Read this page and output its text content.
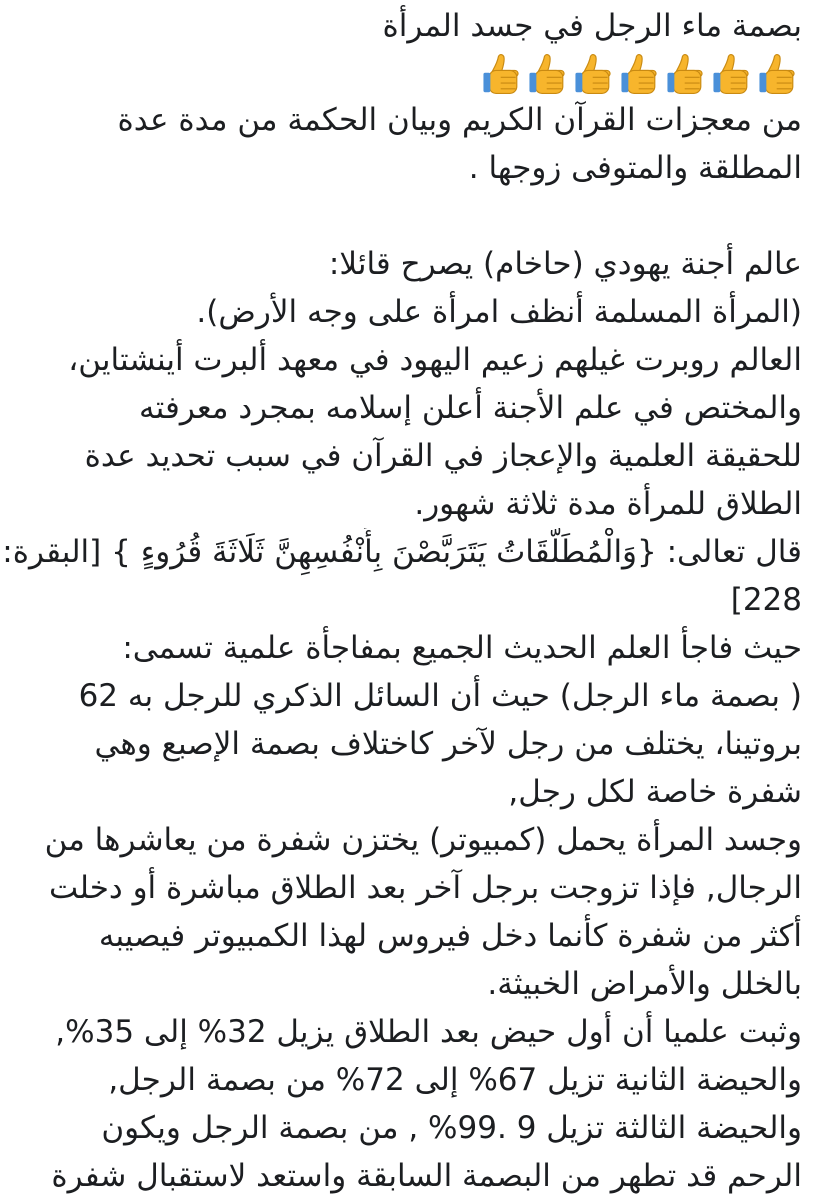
بصمة ماء الرجل في جسد المرأة

من معجزات القرآن الكريم وبيان الحكمة من مدة عدة

المطلقة والمتوفى زوجها .

عالم أجنة يهودي (حاخام) يصرح قائلا:

(المرأة المسلمة أنظف امرأة على وجه الأرض).

العالم روبرت غيلهم زعيم اليهود في معهد ألبرت أينشتاين،

والمختص في علم الأجنة أعلن إسلامه بمجرد معرفته

للحقيقة العلمية والإعجاز في القرآن في سبب تحديد عدة

الطلاق للمرأة مدة ثلاثة شهور.

قال تعالى: {وَالْمُطَلَّقَاتُ يَتَرَبَّصْنَ بِأَنْفُسِهِنَّ ثَلَاثَةَ قُرُوءٍ } [البقرة:

228]

حيث فاجأ العلم الحديث الجميع بمفاجأة علمية تسمى:

( بصمة ماء الرجل) حيث أن السائل الذكري للرجل به 62

بروتينا، يختلف من رجل لآخر كاختلاف بصمة الإصبع وهي

شفرة خاصة لكل رجل,

وجسد المرأة يحمل (كمبيوتر) يختزن شفرة من يعاشرها من

الرجال, فإذا تزوجت برجل آخر بعد الطلاق مباشرة أو دخلت

أكثر من شفرة كأنما دخل فيروس لهذا الكمبيوتر فيصيبه

بالخلل والأمراض الخبيثة.

وثبت علميا أن أول حيض بعد الطلاق يزيل 32% إلى 35%,

والحيضة الثانية تزيل 67% إلى 72% من بصمة الرجل,

والحيضة الثالثة تزيل 9 .99% , من بصمة الرجل ويكون

الرحم قد تطهر من البصمة السابقة واستعد لاستقبال شفرة
